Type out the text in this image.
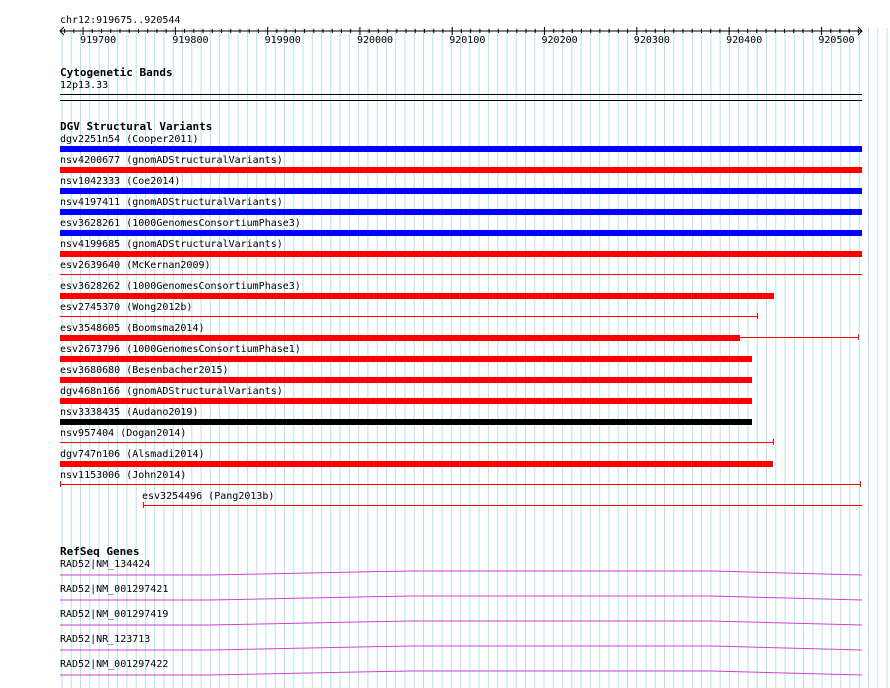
chr12:919675..920544
919700	919800	919900	920000	920100	920200	920300	920400	920500
Cytogenetic Bands
12p13.33
DGV Structural Variants
dgv2251n54 (Cooper2011)
nsv4200677 (gnomADStructuralVariants)
nsv1042333 (Coe2014)
nsv4197411 (gnomADStructuralVariants)
esv3628261 (1000GenomesConsortiumPhase3)
nsv4199685 (gnomADStructuralVariants)
esv2639640 (McKernan2009)
esv3628262 (1000GenomesConsortiumPhase3)
esv2745370 (Wong2012b)
esv3548605 (Boomsma2014)
esv2673796 (1000GenomesConsortiumPhase1)
esv3680680 (Besenbacher2015)
dgv468n166 (gnomADStructuralVariants)
nsv3338435 (Audano2019)
nsv957404 (Dogan2014)
dgv747n106 (Alsmadi2014)
nsv1153006 (John2014)
esv3254496 (Pang2013b)
RefSeq Genes
RAD52|NM_134424
RAD52|NM_001297421
RAD52|NM_001297419
RAD52|NR_123713
RAD52|NM_001297422
